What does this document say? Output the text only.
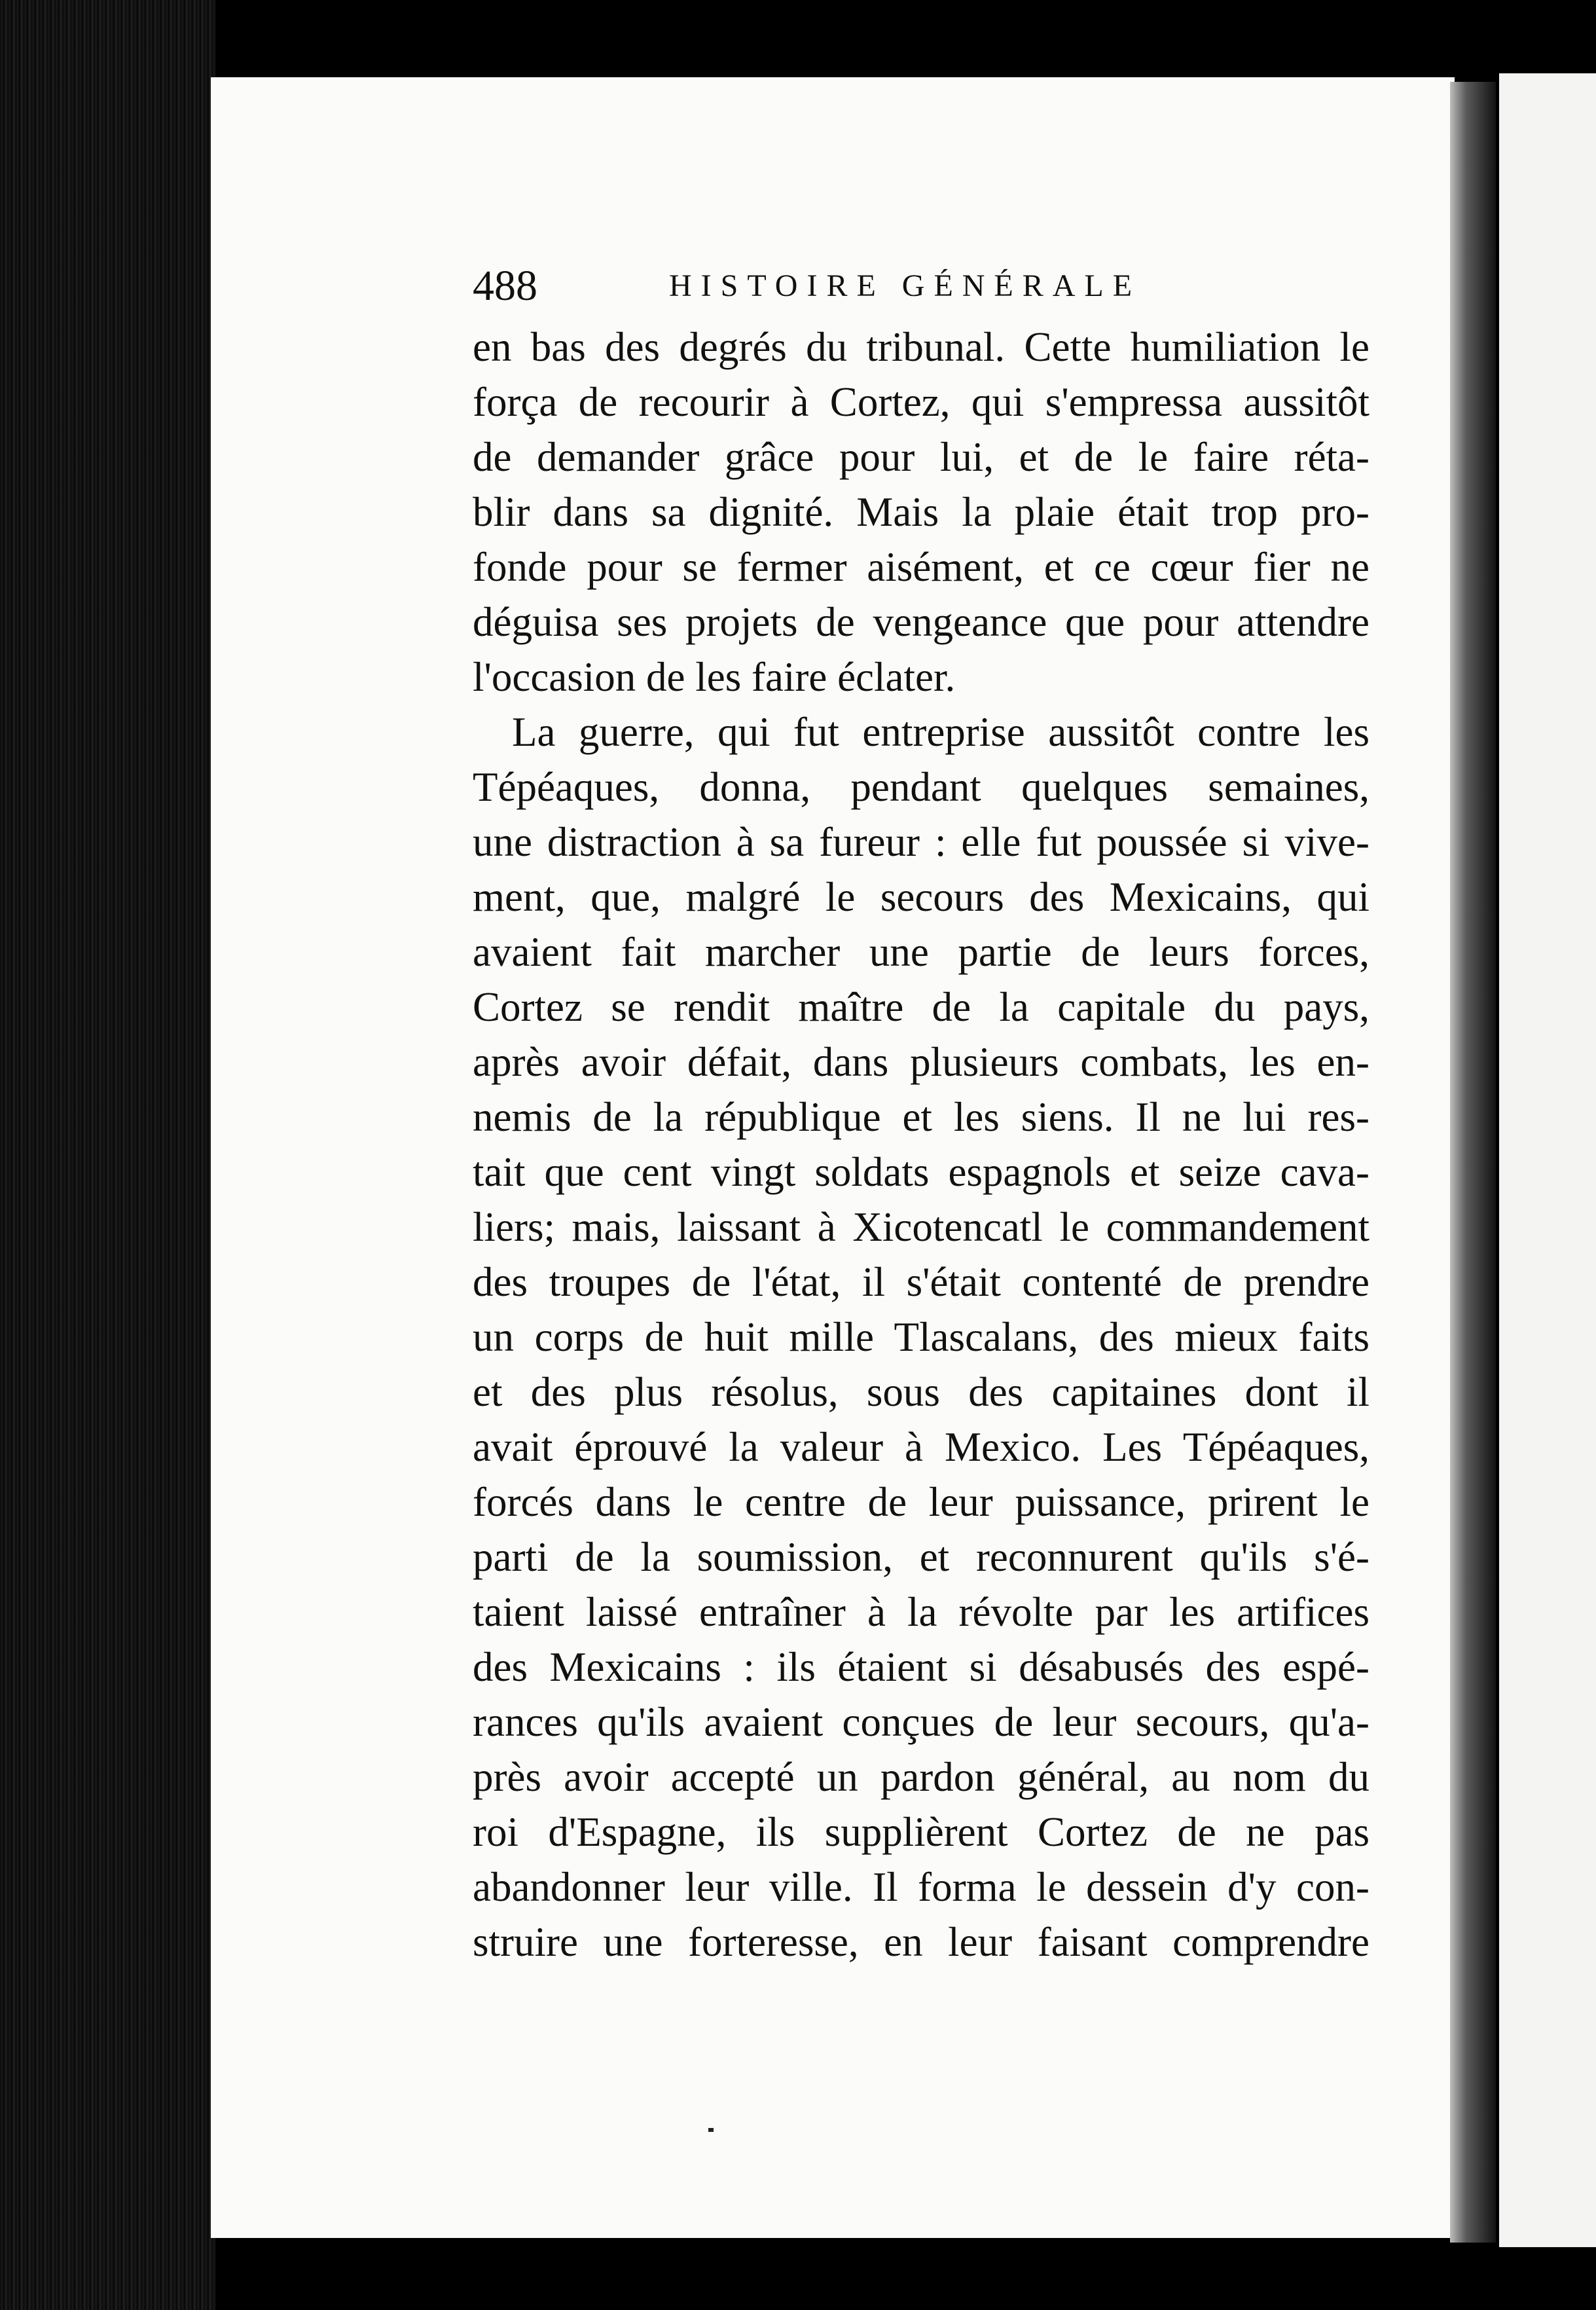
488	HISTOIRE GÉNÉRALE
en bas des degrés du tribunal. Cette humiliation le
força de recourir à Cortez, qui s'empressa aussitôt
de demander grâce pour lui, et de le faire réta-
blir dans sa dignité. Mais la plaie était trop pro-
fonde pour se fermer aisément, et ce cœur fier ne
déguisa ses projets de vengeance que pour attendre
l'occasion de les faire éclater.
La guerre, qui fut entreprise aussitôt contre les
Tépéaques, donna, pendant quelques semaines,
une distraction à sa fureur : elle fut poussée si vive-
ment, que, malgré le secours des Mexicains, qui
avaient fait marcher une partie de leurs forces,
Cortez se rendit maître de la capitale du pays,
après avoir défait, dans plusieurs combats, les en-
nemis de la république et les siens. Il ne lui res-
tait que cent vingt soldats espagnols et seize cava-
liers; mais, laissant à Xicotencatl le commandement
des troupes de l'état, il s'était contenté de prendre
un corps de huit mille Tlascalans, des mieux faits
et des plus résolus, sous des capitaines dont il
avait éprouvé la valeur à Mexico. Les Tépéaques,
forcés dans le centre de leur puissance, prirent le
parti de la soumission, et reconnurent qu'ils s'é-
taient laissé entraîner à la révolte par les artifices
des Mexicains : ils étaient si désabusés des espé-
rances qu'ils avaient conçues de leur secours, qu'a-
près avoir accepté un pardon général, au nom du
roi d'Espagne, ils supplièrent Cortez de ne pas
abandonner leur ville. Il forma le dessein d'y con-
struire une forteresse, en leur faisant comprendre
